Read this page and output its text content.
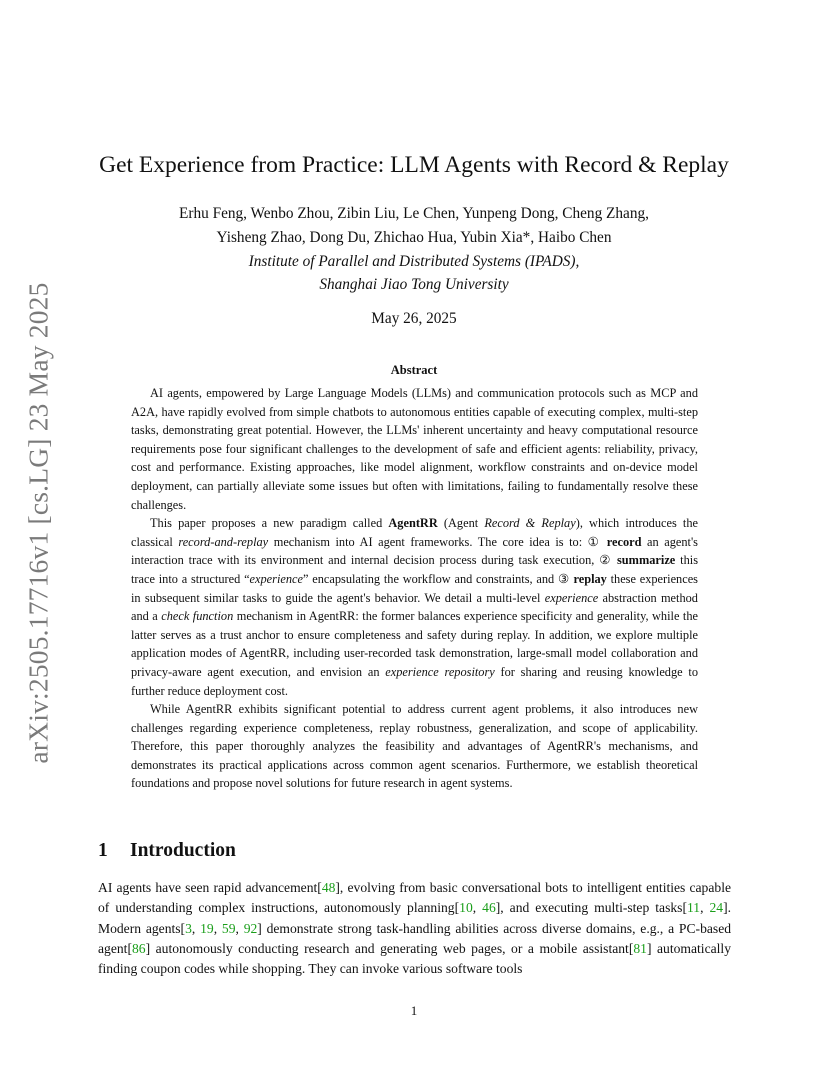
arXiv:2505.17716v1 [cs.LG] 23 May 2025
Get Experience from Practice: LLM Agents with Record & Replay
Erhu Feng, Wenbo Zhou, Zibin Liu, Le Chen, Yunpeng Dong, Cheng Zhang,
Yisheng Zhao, Dong Du, Zhichao Hua, Yubin Xia*, Haibo Chen
Institute of Parallel and Distributed Systems (IPADS),
Shanghai Jiao Tong University
May 26, 2025
Abstract

AI agents, empowered by Large Language Models (LLMs) and communication protocols such as MCP and A2A, have rapidly evolved from simple chatbots to autonomous entities capable of executing complex, multi-step tasks, demonstrating great potential. However, the LLMs' inherent uncertainty and heavy computational resource requirements pose four significant challenges to the development of safe and efficient agents: reliability, privacy, cost and performance. Existing approaches, like model alignment, workflow constraints and on-device model deployment, can partially alleviate some issues but often with limitations, failing to fundamentally resolve these challenges.

This paper proposes a new paradigm called AgentRR (Agent Record & Replay), which introduces the classical record-and-replay mechanism into AI agent frameworks. The core idea is to: ① record an agent's interaction trace with its environment and internal decision process during task execution, ② summarize this trace into a structured “experience” encapsulating the workflow and constraints, and ③ replay these experiences in subsequent similar tasks to guide the agent's behavior. We detail a multi-level experience abstraction method and a check function mechanism in AgentRR: the former balances experience specificity and generality, while the latter serves as a trust anchor to ensure completeness and safety during replay. In addition, we explore multiple application modes of AgentRR, including user-recorded task demonstration, large-small model collaboration and privacy-aware agent execution, and envision an experience repository for sharing and reusing knowledge to further reduce deployment cost.

While AgentRR exhibits significant potential to address current agent problems, it also introduces new challenges regarding experience completeness, replay robustness, generalization, and scope of applicability. Therefore, this paper thoroughly analyzes the feasibility and advantages of AgentRR's mechanisms, and demonstrates its practical applications across common agent scenarios. Furthermore, we establish theoretical foundations and propose novel solutions for future research in agent systems.

1 Introduction

AI agents have seen rapid advancement[48], evolving from basic conversational bots to intelligent entities capable of understanding complex instructions, autonomously planning[10, 46], and executing multi-step tasks[11, 24]. Modern agents[3, 19, 59, 92] demonstrate strong task-handling abilities across diverse domains, e.g., a PC-based agent[86] autonomously conducting research and generating web pages, or a mobile assistant[81] automatically finding coupon codes while shopping. They can invoke various software tools

1
